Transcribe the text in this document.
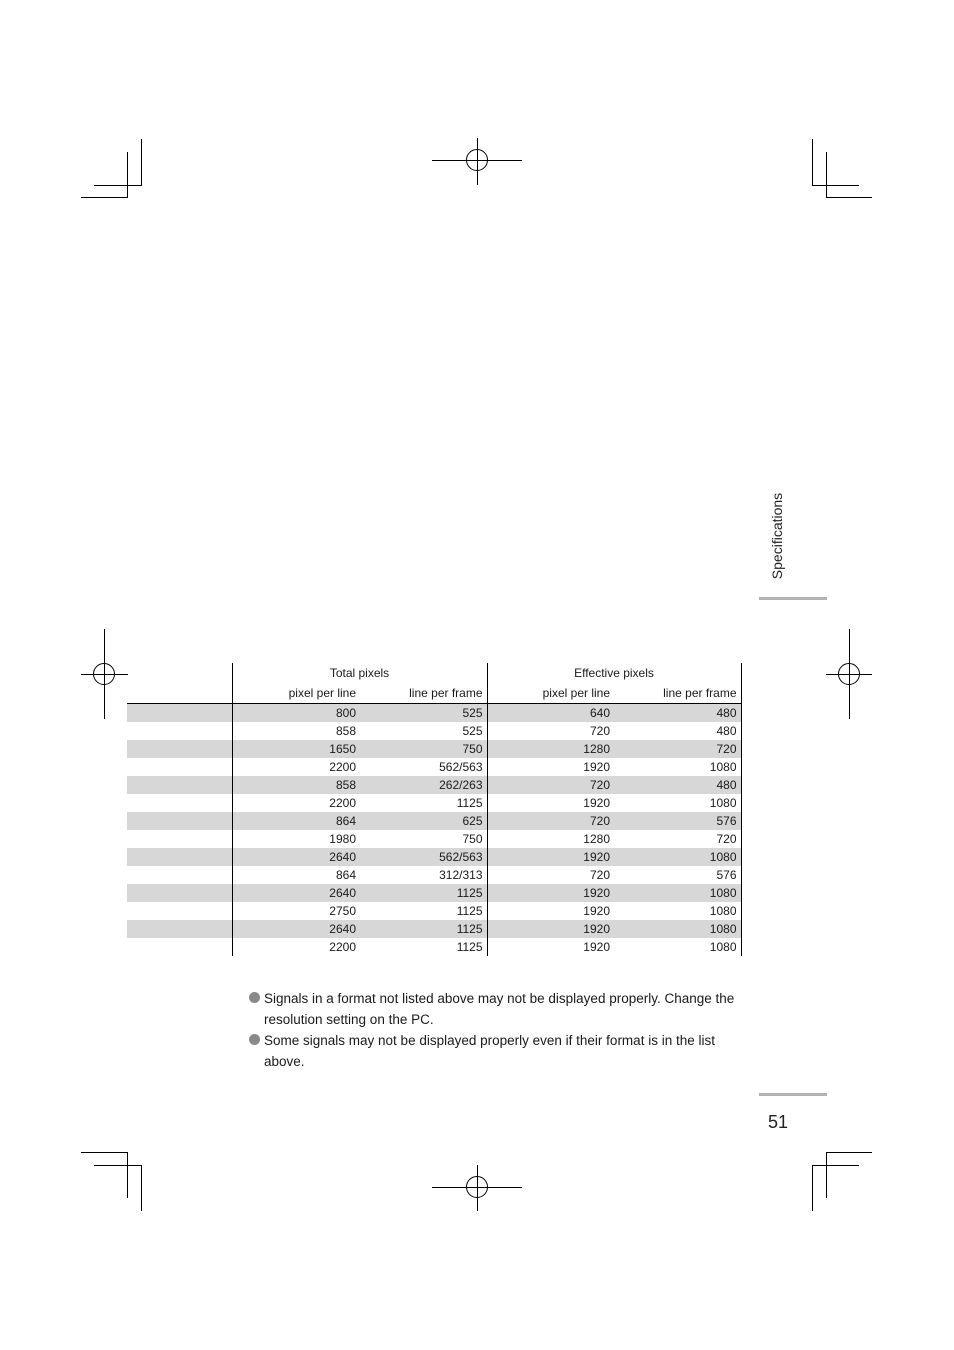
Specifications
	Total pixels		Effective pixels	
	pixel per line	line per frame	pixel per line	line per frame
	800	525	640	480
	858	525	720	480
	1650	750	1280	720
	2200	562/563	1920	1080
	858	262/263	720	480
	2200	1125	1920	1080
	864	625	720	576
	1980	750	1280	720
	2640	562/563	1920	1080
	864	312/313	720	576
	2640	1125	1920	1080
	2750	1125	1920	1080
	2640	1125	1920	1080
	2200	1125	1920	1080
Signals in a format not listed above may not be displayed properly. Change the resolution setting on the PC.
Some signals may not be displayed properly even if their format is in the list above.
51
